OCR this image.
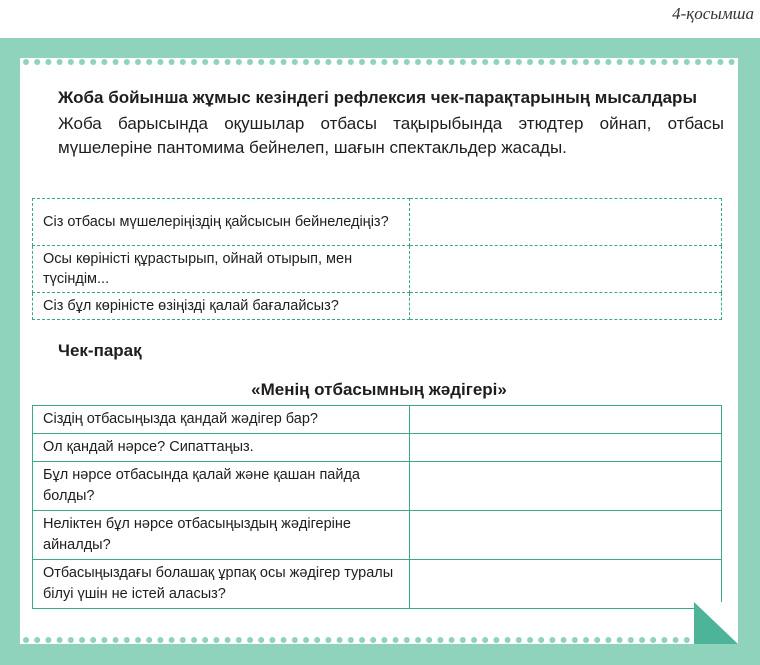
4-қосымша
Жоба бойынша жұмыс кезіндегі рефлексия чек-парақтарының мысалдары
Жоба барысында оқушылар отбасы тақырыбында этюдтер ойнап, отбасы мүшелеріне пантомима бейнелеп, шағын спектакльдер жасады.
Сіз отбасы мүшелеріңіздің қайсысын бейнеледіңіз?	
Осы көріністі құрастырып, ойнай отырып, мен түсіндім...	
Сіз бұл көріністе өзіңізді қалай бағалайсыз?	
Чек-парақ
«Менің отбасымның жәдігері»
Сіздің отбасыңызда қандай жәдігер бар?	
Ол қандай нәрсе? Сипаттаңыз.	
Бұл нәрсе отбасында қалай және қашан пайда болды?	
Неліктен бұл нәрсе отбасыңыздың жәдігеріне айналды?	
Отбасыңыздағы болашақ ұрпақ осы жәдігер туралы білуі үшін не істей аласыз?	
